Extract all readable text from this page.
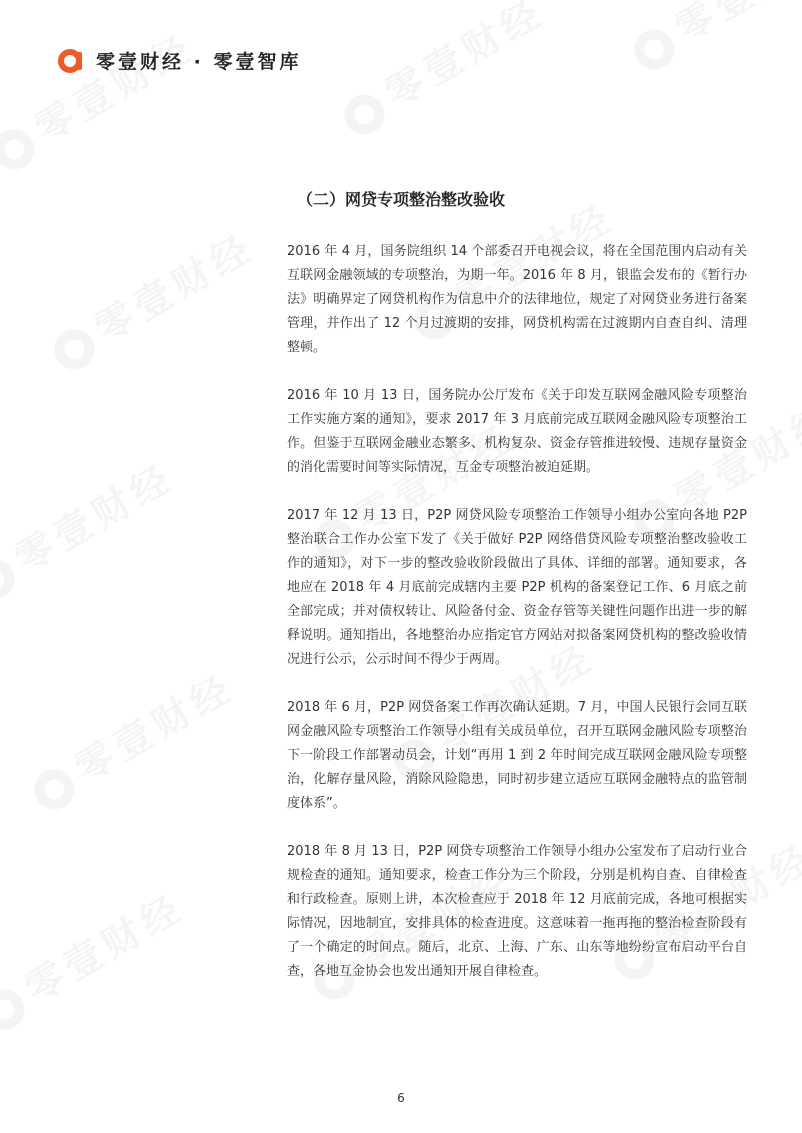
零壹财经 · 零壹智库
（二）网贷专项整治整改验收

2016 年 4 月，国务院组织 14 个部委召开电视会议，将在全国范围内启动有关互联网金融领域的专项整治，为期一年。2016 年 8 月，银监会发布的《暂行办法》明确界定了网贷机构作为信息中介的法律地位，规定了对网贷业务进行备案管理，并作出了 12 个月过渡期的安排，网贷机构需在过渡期内自查自纠、清理整顿。

2016 年 10 月 13 日，国务院办公厅发布《关于印发互联网金融风险专项整治工作实施方案的通知》，要求 2017 年 3 月底前完成互联网金融风险专项整治工作。但鉴于互联网金融业态繁多、机构复杂、资金存管推进较慢、违规存量资金的消化需要时间等实际情况，互金专项整治被迫延期。

2017 年 12 月 13 日，P2P 网贷风险专项整治工作领导小组办公室向各地 P2P 整治联合工作办公室下发了《关于做好 P2P 网络借贷风险专项整治整改验收工作的通知》，对下一步的整改验收阶段做出了具体、详细的部署。通知要求，各地应在 2018 年 4 月底前完成辖内主要 P2P 机构的备案登记工作、6 月底之前全部完成；并对债权转让、风险备付金、资金存管等关键性问题作出进一步的解释说明。通知指出，各地整治办应指定官方网站对拟备案网贷机构的整改验收情况进行公示，公示时间不得少于两周。

2018 年 6 月，P2P 网贷备案工作再次确认延期。7 月，中国人民银行会同互联网金融风险专项整治工作领导小组有关成员单位，召开互联网金融风险专项整治下一阶段工作部署动员会，计划“再用 1 到 2 年时间完成互联网金融风险专项整治，化解存量风险，消除风险隐患，同时初步建立适应互联网金融特点的监管制度体系”。

2018 年 8 月 13 日，P2P 网贷专项整治工作领导小组办公室发布了启动行业合规检查的通知。通知要求，检查工作分为三个阶段，分别是机构自查、自律检查和行政检查。原则上讲，本次检查应于 2018 年 12 月底前完成，各地可根据实际情况，因地制宜，安排具体的检查进度。这意味着一拖再拖的整治检查阶段有了一个确定的时间点。随后，北京、上海、广东、山东等地纷纷宣布启动平台自查，各地互金协会也发出通知开展自律检查。

6
